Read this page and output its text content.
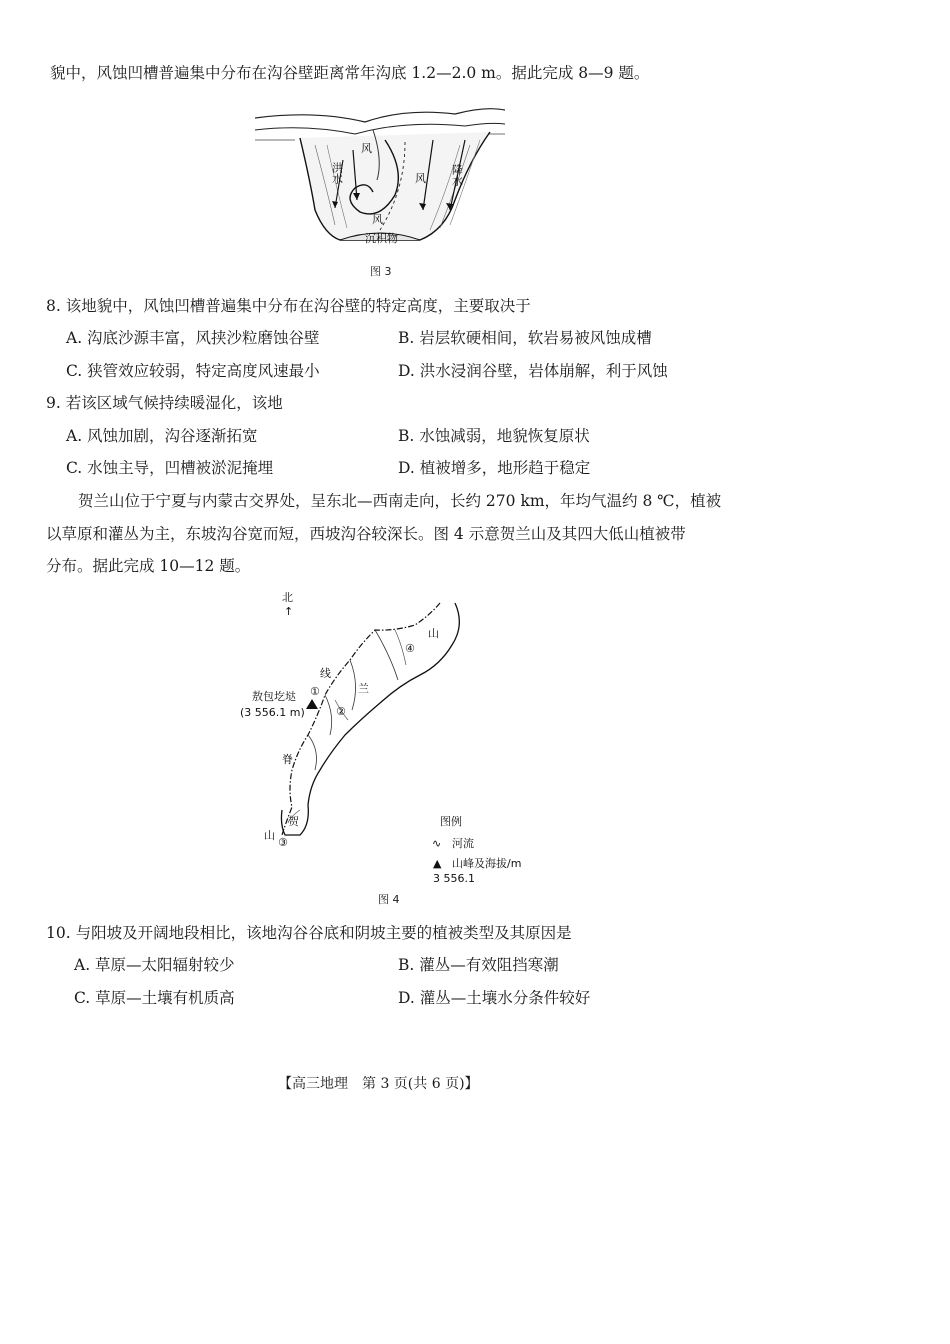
貌中，风蚀凹槽普遍集中分布在沟谷壁距离常年沟底 1.2—2.0 m。据此完成 8—9 题。
洪水
风
风
风
降水
沉积物
图 3
8. 该地貌中，风蚀凹槽普遍集中分布在沟谷壁的特定高度，主要取决于
A. 沟底沙源丰富，风挟沙粒磨蚀谷壁	B. 岩层软硬相间，软岩易被风蚀成槽
C. 狭管效应较弱，特定高度风速最小	D. 洪水浸润谷壁，岩体崩解，利于风蚀
9. 若该区域气候持续暖湿化，该地
A. 风蚀加剧，沟谷逐渐拓宽	B. 水蚀减弱，地貌恢复原状
C. 水蚀主导，凹槽被淤泥掩埋	D. 植被增多，地形趋于稳定
贺兰山位于宁夏与内蒙古交界处，呈东北—西南走向，长约 270 km，年均气温约 8 ℃，植被
以草原和灌丛为主，东坡沟谷宽而短，西坡沟谷较深长。图 4 示意贺兰山及其四大低山植被带
分布。据此完成 10—12 题。
北
↑
山
兰
贺
山
线
脊
①
②
③
④
敖包圪垯
(3 556.1 m)
图例
∿ 河流
▲ 山峰及海拔/m
3 556.1
图 4
10. 与阳坡及开阔地段相比，该地沟谷谷底和阴坡主要的植被类型及其原因是
A. 草原—太阳辐射较少	B. 灌丛—有效阻挡寒潮
C. 草原—土壤有机质高	D. 灌丛—土壤水分条件较好
【高三地理　第 3 页(共 6 页)】
